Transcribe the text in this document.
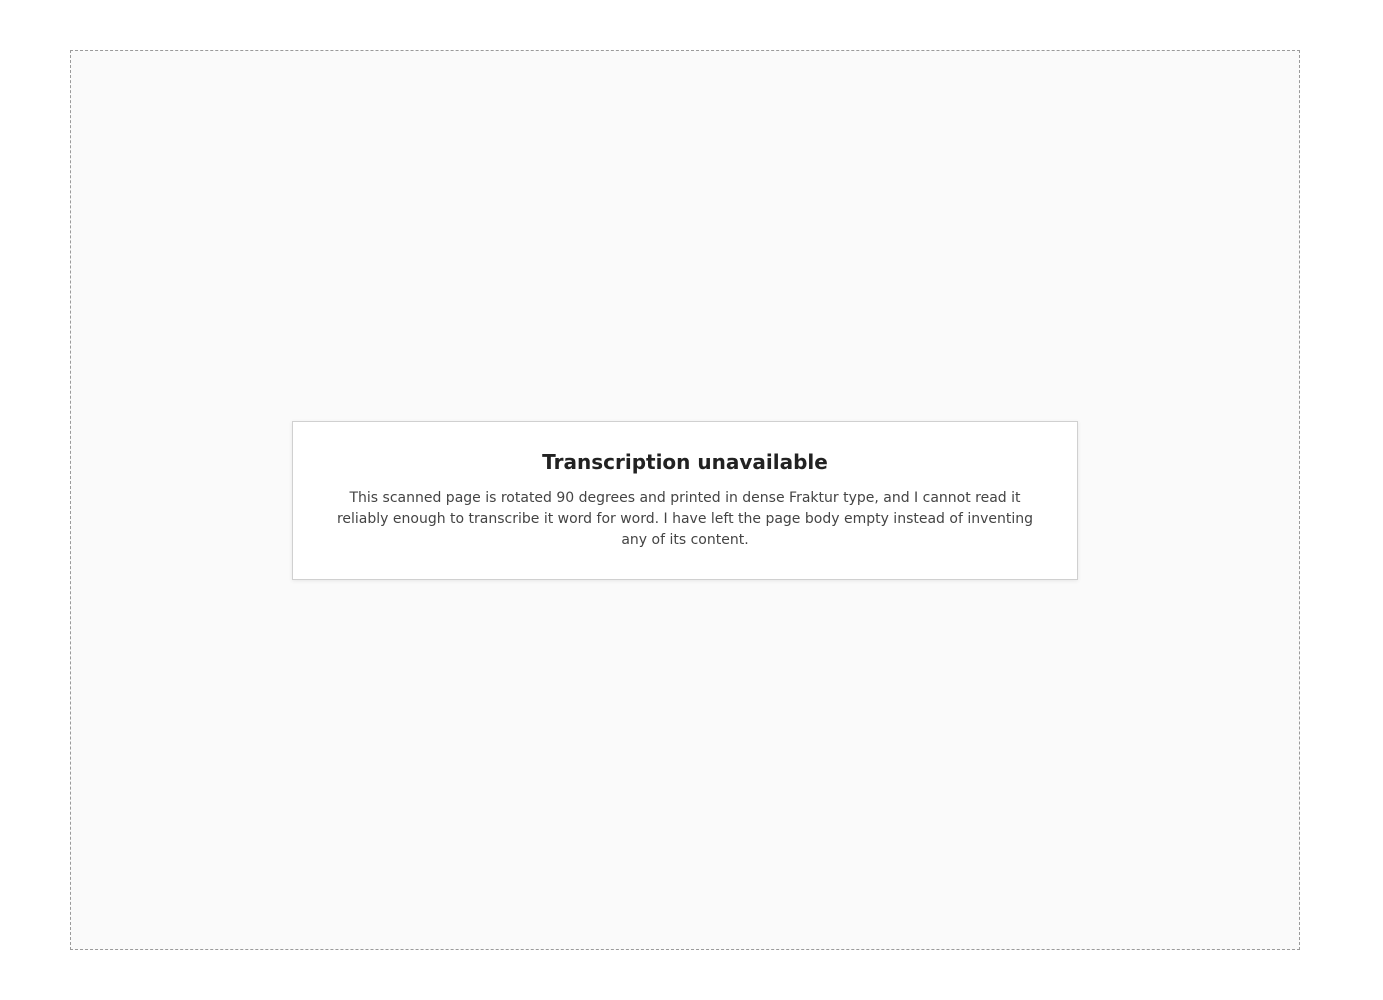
Transcription unavailable

This scanned page is rotated 90 degrees and printed in dense Fraktur type, and I cannot read it reliably enough to transcribe it word for word. I have left the page body empty instead of inventing any of its content.
